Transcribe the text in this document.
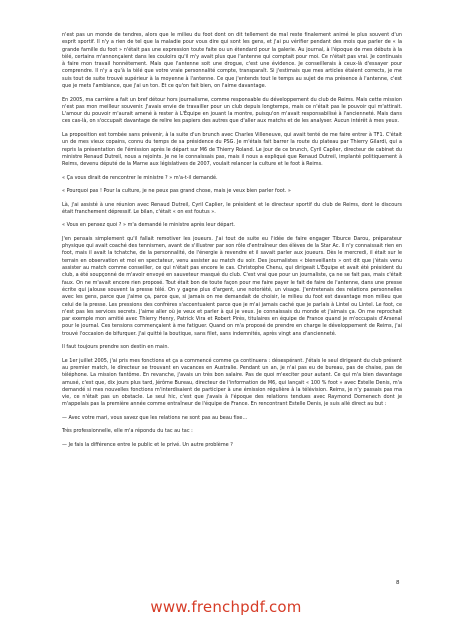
n'est pas un monde de tendres, alors que le milieu du foot dont on dit tellement de mal reste finalement animé le plus souvent d'un esprit sportif. Il n'y a rien de tel que la maladie pour vous dire qui sont les gens, et j'ai pu vérifier pendant des mois que parler de « la grande famille du foot » n'était pas une expression toute faite ou un étendard pour la galerie. Au journal, à l'époque de mes débuts à la télé, certains m'annonçaient dans les couloirs qu'il m'y avait plus que l'antenne qui comptait pour moi. Ce n'était pas vrai. Je continuais à faire mon travail honnêtement. Mais que l'antenne soit une drogue, c'est une évidence. Je conseillerais à ceux-là d'essayer pour comprendre. Il n'y a qu'à la télé que votre vraie personnalité compte, transparaît. Si j'estimais que mes articles étaient corrects, je me suis tout de suite trouvé supérieur à la moyenne à l'antenne. Ce que j'entends tout le temps au sujet de ma présence à l'antenne, c'est que je mets l'ambiance, que j'ai un ton. Et ce qu'on fait bien, on l'aime davantage.

En 2005, ma carrière a fait un bref détour hors journalisme, comme responsable du développement du club de Reims. Mais cette mission n'est pas mon meilleur souvenir. J'avais envie de travailler pour un club depuis longtemps, mais ce n'était pas le pouvoir qui m'attirait. L'amour du pouvoir m'aurait amené à rester à L'Équipe en jouant la montre, puisqu'on m'avait responsabilisé à l'ancienneté. Mais dans ces cas-là, on s'occupait davantage de relire les papiers des autres que d'aller aux matchs et de les analyser. Aucun intérêt à mes yeux.

La proposition est tombée sans prévenir, à la suite d'un brunch avec Charles Villeneuve, qui avait tenté de me faire entrer à TF1. C'était un de mes vieux copains, connu du temps de sa présidence du PSG. Je m'étais fait barrer la route du plateau par Thierry Gilardi, qui a repris la présentation de l'émission après le départ sur M6 de Thierry Roland. Le jour de ce brunch, Cyril Caplier, directeur de cabinet du ministre Renaud Dutreil, nous a rejoints. Je ne le connaissais pas, mais il nous a expliqué que Renaud Dutreil, implanté politiquement à Reims, devenu député de la Marne aux législatives de 2007, voulait relancer la culture et le foot à Reims.

« Ça vous dirait de rencontrer le ministre ? » m'a-t-il demandé.

« Pourquoi pas ! Pour la culture, je ne peux pas grand chose, mais je veux bien parler foot. »

Là, j'ai assisté à une réunion avec Renaud Dutreil, Cyril Caplier, le président et le directeur sportif du club de Reims, dont le discours était franchement dépressif. Le bilan, c'était « on est foutus ».

« Vous en pensez quoi ? » m'a demandé le ministre après leur départ.

J'en pensais simplement qu'il fallait remotiver les joueurs. J'ai tout de suite eu l'idée de faire engager Tiburce Darou, préparateur physique qui avait coaché des tennismen, avant de s'illustrer par son rôle d'entraîneur des élèves de la Star Ac. Il n'y connaissait rien en foot, mais il avait la tchatche, de la personnalité, de l'énergie à revendre et il savait parler aux joueurs. Dès le mercredi, il était sur le terrain en observation et moi en spectateur, venu assister au match du soir. Des journalistes « bienveillants » ont dit que j'étais venu assister au match comme conseiller, ce qui n'était pas encore le cas. Christophe Chenu, qui dirigeait L'Équipe et avait été président du club, a été soupçonné de m'avoir envoyé en sauveteur masqué du club. C'est vrai que pour un journaliste, ça ne se fait pas, mais c'était faux. On ne m'avait encore rien proposé. Tout était bon de toute façon pour me faire payer le fait de faire de l'antenne, dans une presse écrite qui jalouse souvent la presse télé. On y gagne plus d'argent, une notoriété, un visage. J'entretenais des relations personnelles avec les gens, parce que j'aime ça, parce que, si jamais on me demandait de choisir, le milieu du foot est davantage mon milieu que celui de la presse. Les pressions des confrères s'accentuaient parce que je m'ai jamais caché que je parlais à Lintel ou Lintel. Le foot, ce n'est pas les services secrets. J'aime aller où je veux et parler à qui je veux. Je connaissais du monde et j'aimais ça. On me reprochait par exemple mon amitié avec Thierry Henry, Patrick Vira et Robert Pirès, titulaires en équipe de France quand je m'occupais d'Arsenal pour le journal. Ces tensions commençaient à me fatiguer. Quand on m'a proposé de prendre en charge le développement de Reims, j'ai trouvé l'occasion de bifurquer. J'ai quitté la boutique, sans filet, sans indemnités, après vingt ans d'ancienneté.

Il faut toujours prendre son destin en main.

Le 1er juillet 2005, j'ai pris mes fonctions et ça a commencé comme ça continuera : désespérant. J'étais le seul dirigeant du club présent au premier match, le directeur se trouvant en vacances en Australie. Pendant un an, je n'ai pas eu de bureau, pas de chaise, pas de téléphone. La mission fantôme. En revanche, j'avais un très bon salaire. Pas de quoi m'exciter pour autant. Ce qui m'a bien davantage amusé, c'est que, dix jours plus tard, Jérôme Bureau, directeur de l'information de M6, qui lançait « 100 % foot » avec Estelle Denis, m'a demandé si mes nouvelles fonctions m'interdisaient de participer à une émission régulière à la télévision. Reims, je n'y passais pas ma vie, ce n'était pas un obstacle. Le seul hic, c'est que j'avais à l'époque des relations tendues avec Raymond Domenech dont je m'appelais pas la première année comme entraîneur de l'équipe de France. En rencontrant Estelle Denis, je suis allé direct au but :

— Avec votre mari, vous savez que les relations ne sont pas au beau fixe…

Très professionnelle, elle m'a répondu du tac au tac :

— Je fais la différence entre le public et le privé. Un autre problème ?

8
www.frenchpdf.com
